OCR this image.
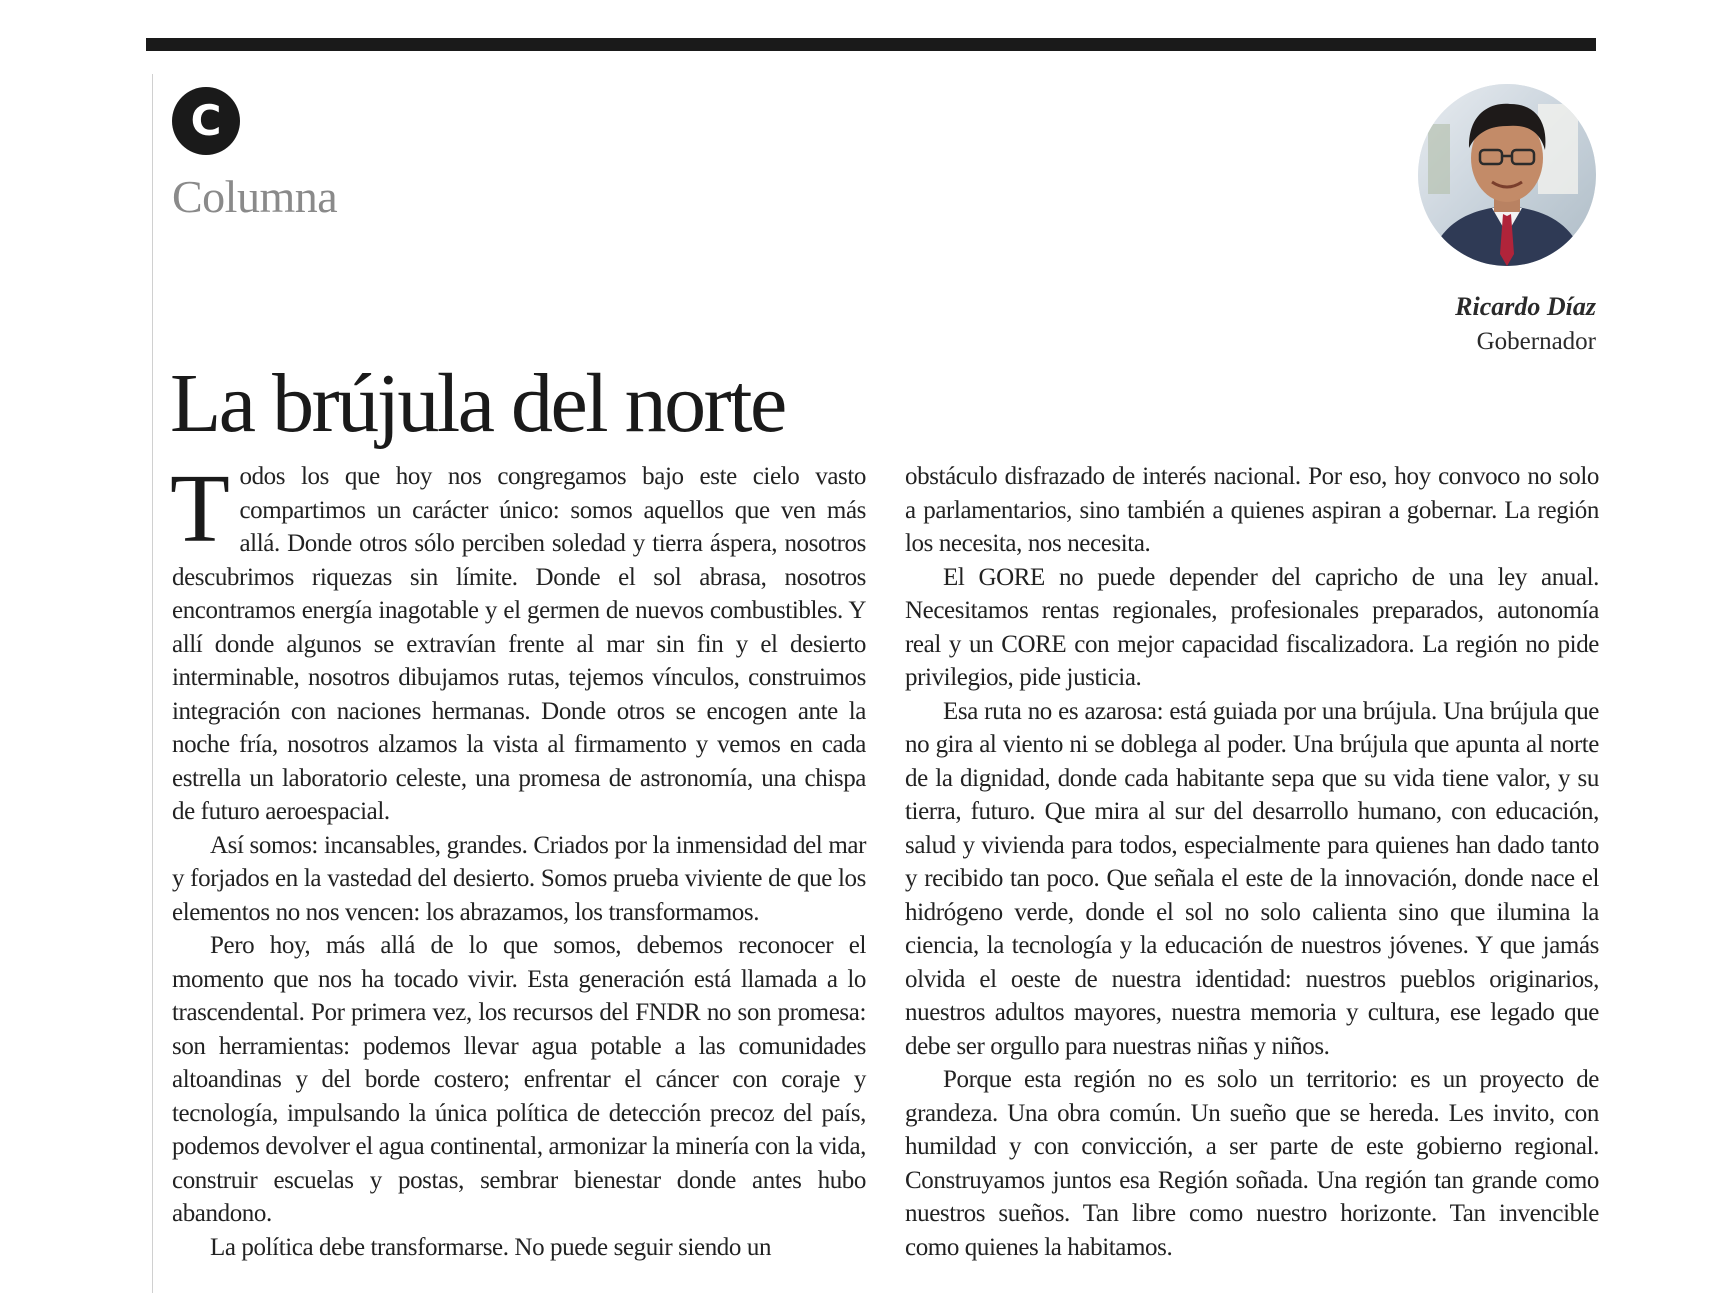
C
Columna
Ricardo Díaz
Gobernador
La brújula del norte

Todos los que hoy nos congregamos bajo este cielo vasto compartimos un carácter único: somos aquellos que ven más allá. Donde otros sólo perciben soledad y tierra áspera, nosotros descubrimos riquezas sin límite. Donde el sol abrasa, nosotros encontramos energía inagotable y el germen de nuevos combustibles. Y allí donde algunos se extravían frente al mar sin fin y el desierto interminable, nosotros dibujamos rutas, tejemos vínculos, construimos integración con naciones hermanas. Donde otros se encogen ante la noche fría, nosotros alzamos la vista al firmamento y vemos en cada estrella un laboratorio celeste, una promesa de astronomía, una chispa de futuro aeroespacial.

Así somos: incansables, grandes. Criados por la inmensidad del mar y forjados en la vastedad del desierto. Somos prueba viviente de que los elementos no nos vencen: los abrazamos, los transformamos.

Pero hoy, más allá de lo que somos, debemos reconocer el momento que nos ha tocado vivir. Esta generación está llamada a lo trascendental. Por primera vez, los recursos del FNDR no son promesa: son herramientas: podemos llevar agua potable a las comunidades altoandinas y del borde costero; enfrentar el cáncer con coraje y tecnología, impulsando la única política de detección precoz del país, podemos devolver el agua continental, armonizar la minería con la vida, construir escuelas y postas, sembrar bienestar donde antes hubo abandono.

La política debe transformarse. No puede seguir siendo un

obstáculo disfrazado de interés nacional. Por eso, hoy convoco no solo a parlamentarios, sino también a quienes aspiran a gobernar. La región los necesita, nos necesita.

El GORE no puede depender del capricho de una ley anual. Necesitamos rentas regionales, profesionales preparados, autonomía real y un CORE con mejor capacidad fiscalizadora. La región no pide privilegios, pide justicia.

Esa ruta no es azarosa: está guiada por una brújula. Una brújula que no gira al viento ni se doblega al poder. Una brújula que apunta al norte de la dignidad, donde cada habitante sepa que su vida tiene valor, y su tierra, futuro. Que mira al sur del desarrollo humano, con educación, salud y vivienda para todos, especialmente para quienes han dado tanto y recibido tan poco. Que señala el este de la innovación, donde nace el hidrógeno verde, donde el sol no solo calienta sino que ilumina la ciencia, la tecnología y la educación de nuestros jóvenes. Y que jamás olvida el oeste de nuestra identidad: nuestros pueblos originarios, nuestros adultos mayores, nuestra memoria y cultura, ese legado que debe ser orgullo para nuestras niñas y niños.

Porque esta región no es solo un territorio: es un proyecto de grandeza. Una obra común. Un sueño que se hereda. Les invito, con humildad y con convicción, a ser parte de este gobierno regional. Construyamos juntos esa Región soñada. Una región tan grande como nuestros sueños. Tan libre como nuestro horizonte. Tan invencible como quienes la habitamos.
